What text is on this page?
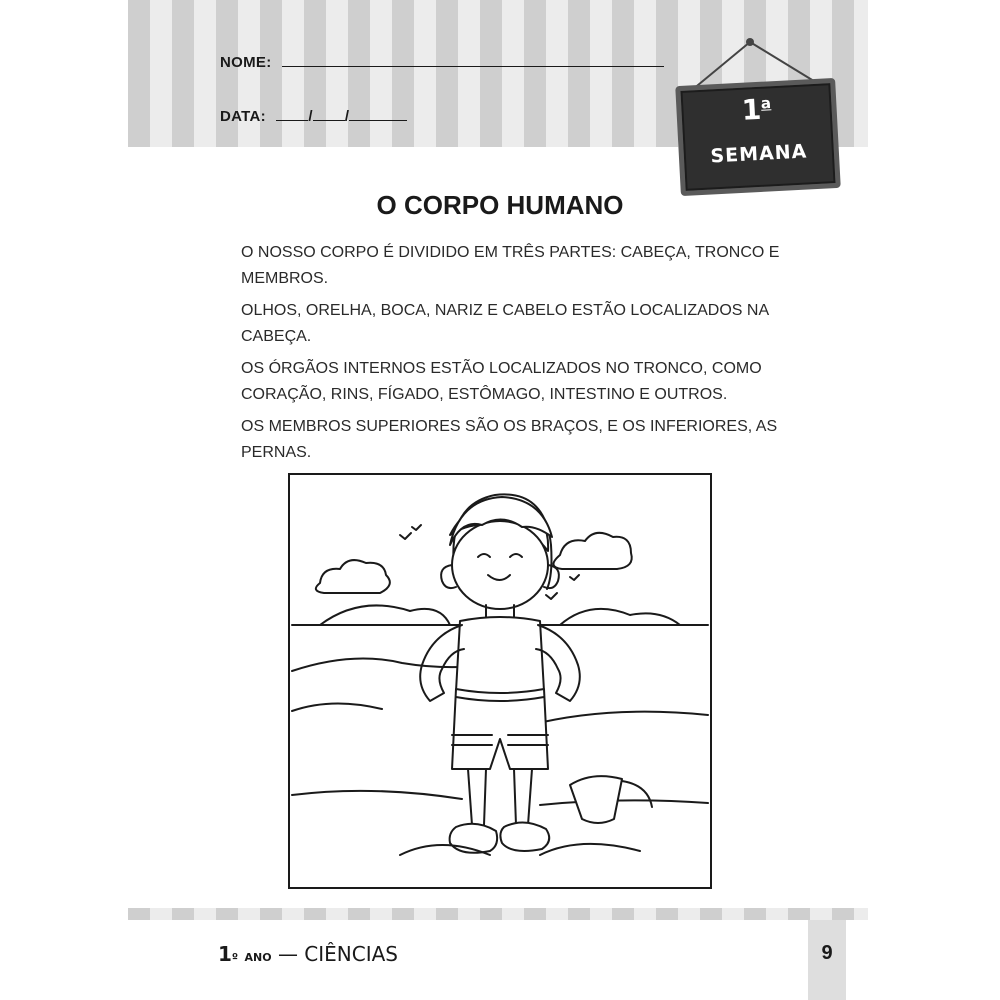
NOME:
DATA:	/ /	1$^a$
SEMANA
O CORPO HUMANO

O NOSSO CORPO É DIVIDIDO EM TRÊS PARTES: CABEÇA, TRONCO E MEMBROS.

OLHOS, ORELHA, BOCA, NARIZ E CABELO ESTÃO LOCALIZADOS NA CABEÇA.

OS ÓRGÃOS INTERNOS ESTÃO LOCALIZADOS NO TRONCO, COMO CORAÇÃO, RINS, FÍGADO, ESTÔMAGO, INTESTINO E OUTROS.

OS MEMBROS SUPERIORES SÃO OS BRAÇOS, E OS INFERIORES, AS PERNAS.

1º ANO — CIÊNCIAS	9
